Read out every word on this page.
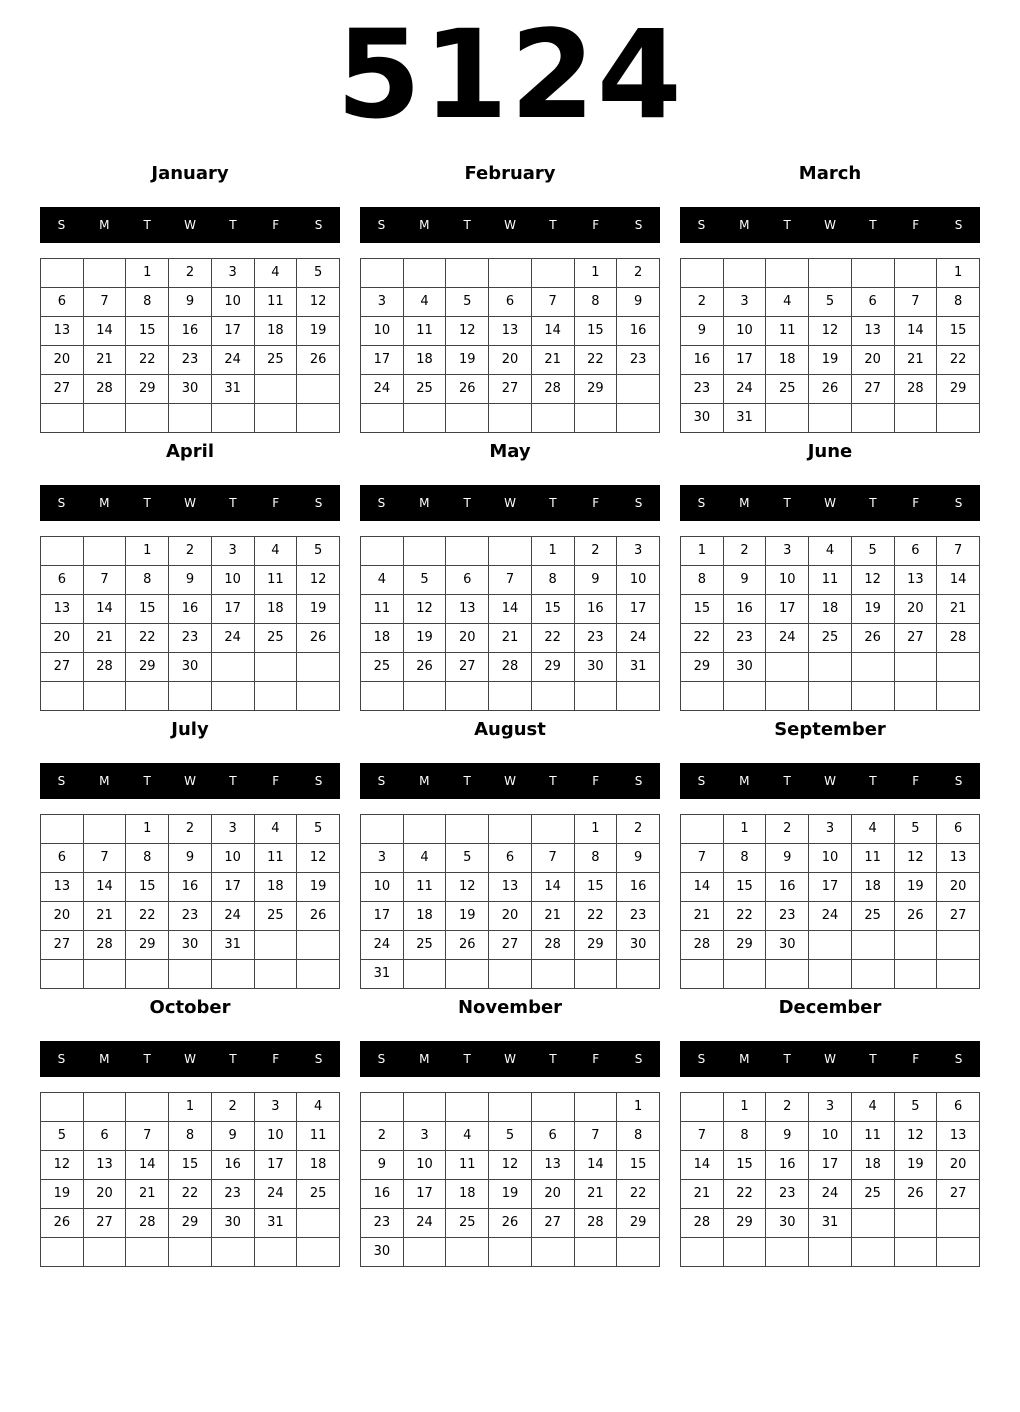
5124
January
S	M	T	W	T	F	S
		1	2	3	4	5
6	7	8	9	10	11	12
13	14	15	16	17	18	19
20	21	22	23	24	25	26
27	28	29	30	31		

February
S	M	T	W	T	F	S
					1	2
3	4	5	6	7	8	9
10	11	12	13	14	15	16
17	18	19	20	21	22	23
24	25	26	27	28	29	

March
S	M	T	W	T	F	S
						1
2	3	4	5	6	7	8
9	10	11	12	13	14	15
16	17	18	19	20	21	22
23	24	25	26	27	28	29
30	31					
April
S	M	T	W	T	F	S
		1	2	3	4	5
6	7	8	9	10	11	12
13	14	15	16	17	18	19
20	21	22	23	24	25	26
27	28	29	30			

May
S	M	T	W	T	F	S
				1	2	3
4	5	6	7	8	9	10
11	12	13	14	15	16	17
18	19	20	21	22	23	24
25	26	27	28	29	30	31

June
S	M	T	W	T	F	S
1	2	3	4	5	6	7
8	9	10	11	12	13	14
15	16	17	18	19	20	21
22	23	24	25	26	27	28
29	30					

July
S	M	T	W	T	F	S
		1	2	3	4	5
6	7	8	9	10	11	12
13	14	15	16	17	18	19
20	21	22	23	24	25	26
27	28	29	30	31		

August
S	M	T	W	T	F	S
					1	2
3	4	5	6	7	8	9
10	11	12	13	14	15	16
17	18	19	20	21	22	23
24	25	26	27	28	29	30
31						
September
S	M	T	W	T	F	S
	1	2	3	4	5	6
7	8	9	10	11	12	13
14	15	16	17	18	19	20
21	22	23	24	25	26	27
28	29	30				

October
S	M	T	W	T	F	S
			1	2	3	4
5	6	7	8	9	10	11
12	13	14	15	16	17	18
19	20	21	22	23	24	25
26	27	28	29	30	31	

November
S	M	T	W	T	F	S
						1
2	3	4	5	6	7	8
9	10	11	12	13	14	15
16	17	18	19	20	21	22
23	24	25	26	27	28	29
30						
December
S	M	T	W	T	F	S
	1	2	3	4	5	6
7	8	9	10	11	12	13
14	15	16	17	18	19	20
21	22	23	24	25	26	27
28	29	30	31			
